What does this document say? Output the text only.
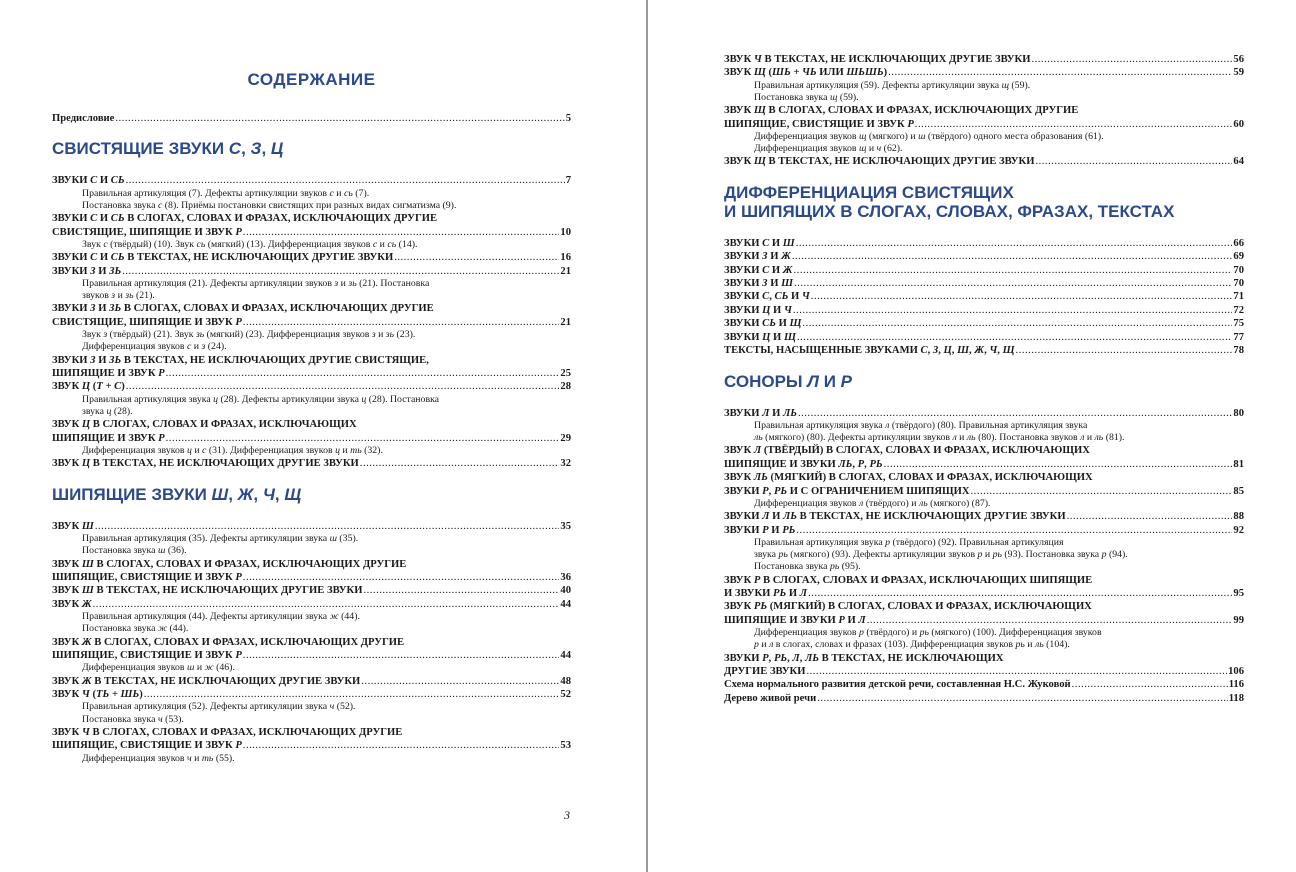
СОДЕРЖАНИЕ
Предисловие .....	5
СВИСТЯЩИЕ ЗВУКИ С, З, Ц
ЗВУКИ С И СЬ .....	7
Правильная артикуляция (7). Дефекты артикуляции звуков с и сь (7).
Постановка звука с (8). Приёмы постановки свистящих при разных видах сигматизма (9).
ЗВУКИ С И СЬ В СЛОГАХ, СЛОВАХ И ФРАЗАХ, ИСКЛЮЧАЮЩИХ ДРУГИЕ
СВИСТЯЩИЕ, ШИПЯЩИЕ И ЗВУК Р .....	10
Звук с (твёрдый) (10). Звук сь (мягкий) (13). Дифференциация звуков с и сь (14).
ЗВУКИ С И СЬ В ТЕКСТАХ, НЕ ИСКЛЮЧАЮЩИХ ДРУГИЕ ЗВУКИ .....	16
ЗВУКИ З И ЗЬ .....	21
Правильная артикуляция (21). Дефекты артикуляции звуков з и зь (21). Постановка
звуков з и зь (21).
ЗВУКИ З И ЗЬ В СЛОГАХ, СЛОВАХ И ФРАЗАХ, ИСКЛЮЧАЮЩИХ ДРУГИЕ
СВИСТЯЩИЕ, ШИПЯЩИЕ И ЗВУК Р .....	21
Звук з (твёрдый) (21). Звук зь (мягкий) (23). Дифференциация звуков з и зь (23).
Дифференциация звуков с и з (24).
ЗВУКИ З И ЗЬ В ТЕКСТАХ, НЕ ИСКЛЮЧАЮЩИХ ДРУГИЕ СВИСТЯЩИЕ,
ШИПЯЩИЕ И ЗВУК Р .....	25
ЗВУК Ц (Т + С) .....	28
Правильная артикуляция звука ц (28). Дефекты артикуляции звука ц (28). Постановка
звука ц (28).
ЗВУК Ц В СЛОГАХ, СЛОВАХ И ФРАЗАХ, ИСКЛЮЧАЮЩИХ
ШИПЯЩИЕ И ЗВУК Р .....	29
Дифференциация звуков ц и с (31). Дифференциация звуков ц и ть (32).
ЗВУК Ц В ТЕКСТАХ, НЕ ИСКЛЮЧАЮЩИХ ДРУГИЕ ЗВУКИ .....	32
ШИПЯЩИЕ ЗВУКИ Ш, Ж, Ч, Щ
ЗВУК Ш .....	35
Правильная артикуляция (35). Дефекты артикуляции звука ш (35).
Постановка звука ш (36).
ЗВУК Ш В СЛОГАХ, СЛОВАХ И ФРАЗАХ, ИСКЛЮЧАЮЩИХ ДРУГИЕ
ШИПЯЩИЕ, СВИСТЯЩИЕ И ЗВУК Р .....	36
ЗВУК Ш В ТЕКСТАХ, НЕ ИСКЛЮЧАЮЩИХ ДРУГИЕ ЗВУКИ .....	40
ЗВУК Ж .....	44
Правильная артикуляция (44). Дефекты артикуляции звука ж (44).
Постановка звука ж (44).
ЗВУК Ж В СЛОГАХ, СЛОВАХ И ФРАЗАХ, ИСКЛЮЧАЮЩИХ ДРУГИЕ
ШИПЯЩИЕ, СВИСТЯЩИЕ И ЗВУК Р .....	44
Дифференциация звуков ш и ж (46).
ЗВУК Ж В ТЕКСТАХ, НЕ ИСКЛЮЧАЮЩИХ ДРУГИЕ ЗВУКИ .....	48
ЗВУК Ч (ТЬ + ШЬ) .....	52
Правильная артикуляция (52). Дефекты артикуляции звука ч (52).
Постановка звука ч (53).
ЗВУК Ч В СЛОГАХ, СЛОВАХ И ФРАЗАХ, ИСКЛЮЧАЮЩИХ ДРУГИЕ
ШИПЯЩИЕ, СВИСТЯЩИЕ И ЗВУК Р .....	53
Дифференциация звуков ч и ть (55).
3
ЗВУК Ч В ТЕКСТАХ, НЕ ИСКЛЮЧАЮЩИХ ДРУГИЕ ЗВУКИ .....	56
ЗВУК Щ (ШЬ + ЧЬ ИЛИ ШЬШЬ) .....	59
Правильная артикуляция (59). Дефекты артикуляции звука щ (59).
Постановка звука щ (59).
ЗВУК Щ В СЛОГАХ, СЛОВАХ И ФРАЗАХ, ИСКЛЮЧАЮЩИХ ДРУГИЕ
ШИПЯЩИЕ, СВИСТЯЩИЕ И ЗВУК Р .....	60
Дифференциация звуков щ (мягкого) и ш (твёрдого) одного места образования (61).
Дифференциация звуков щ и ч (62).
ЗВУК Щ В ТЕКСТАХ, НЕ ИСКЛЮЧАЮЩИХ ДРУГИЕ ЗВУКИ .....	64
ДИФФЕРЕНЦИАЦИЯ СВИСТЯЩИХ
И ШИПЯЩИХ В СЛОГАХ, СЛОВАХ, ФРАЗАХ, ТЕКСТАХ
ЗВУКИ С И Ш .....	66
ЗВУКИ З И Ж .....	69
ЗВУКИ С И Ж .....	70
ЗВУКИ З И Ш .....	70
ЗВУКИ С, СЬ И Ч .....	71
ЗВУКИ Ц И Ч .....	72
ЗВУКИ СЬ И Щ .....	75
ЗВУКИ Ц И Щ .....	77
ТЕКСТЫ, НАСЫЩЕННЫЕ ЗВУКАМИ С, З, Ц, Ш, Ж, Ч, Щ .....	78
СОНОРЫ Л И Р
ЗВУКИ Л И ЛЬ .....	80
Правильная артикуляция звука л (твёрдого) (80). Правильная артикуляция звука
ль (мягкого) (80). Дефекты артикуляции звуков л и ль (80). Постановка звуков л и ль (81).
ЗВУК Л (ТВЁРДЫЙ) В СЛОГАХ, СЛОВАХ И ФРАЗАХ, ИСКЛЮЧАЮЩИХ
ШИПЯЩИЕ И ЗВУКИ ЛЬ, Р, РЬ .....	81
ЗВУК ЛЬ (МЯГКИЙ) В СЛОГАХ, СЛОВАХ И ФРАЗАХ, ИСКЛЮЧАЮЩИХ
ЗВУКИ Р, РЬ И С ОГРАНИЧЕНИЕМ ШИПЯЩИХ .....	85
Дифференциация звуков л (твёрдого) и ль (мягкого) (87).
ЗВУКИ Л И ЛЬ В ТЕКСТАХ, НЕ ИСКЛЮЧАЮЩИХ ДРУГИЕ ЗВУКИ .....	88
ЗВУКИ Р И РЬ .....	92
Правильная артикуляция звука р (твёрдого) (92). Правильная артикуляция
звука рь (мягкого) (93). Дефекты артикуляции звуков р и рь (93). Постановка звука р (94).
Постановка звука рь (95).
ЗВУК Р В СЛОГАХ, СЛОВАХ И ФРАЗАХ, ИСКЛЮЧАЮЩИХ ШИПЯЩИЕ
И ЗВУКИ РЬ И Л .....	95
ЗВУК РЬ (МЯГКИЙ) В СЛОГАХ, СЛОВАХ И ФРАЗАХ, ИСКЛЮЧАЮЩИХ
ШИПЯЩИЕ И ЗВУКИ Р И Л .....	99
Дифференциация звуков р (твёрдого) и рь (мягкого) (100). Дифференциация звуков
р и л в слогах, словах и фразах (103). Дифференциация звуков рь и ль (104).
ЗВУКИ Р, РЬ, Л, ЛЬ В ТЕКСТАХ, НЕ ИСКЛЮЧАЮЩИХ
ДРУГИЕ ЗВУКИ .....	106
Схема нормального развития детской речи, составленная Н.С. Жуковой .....	116
Дерево живой речи .....	118
